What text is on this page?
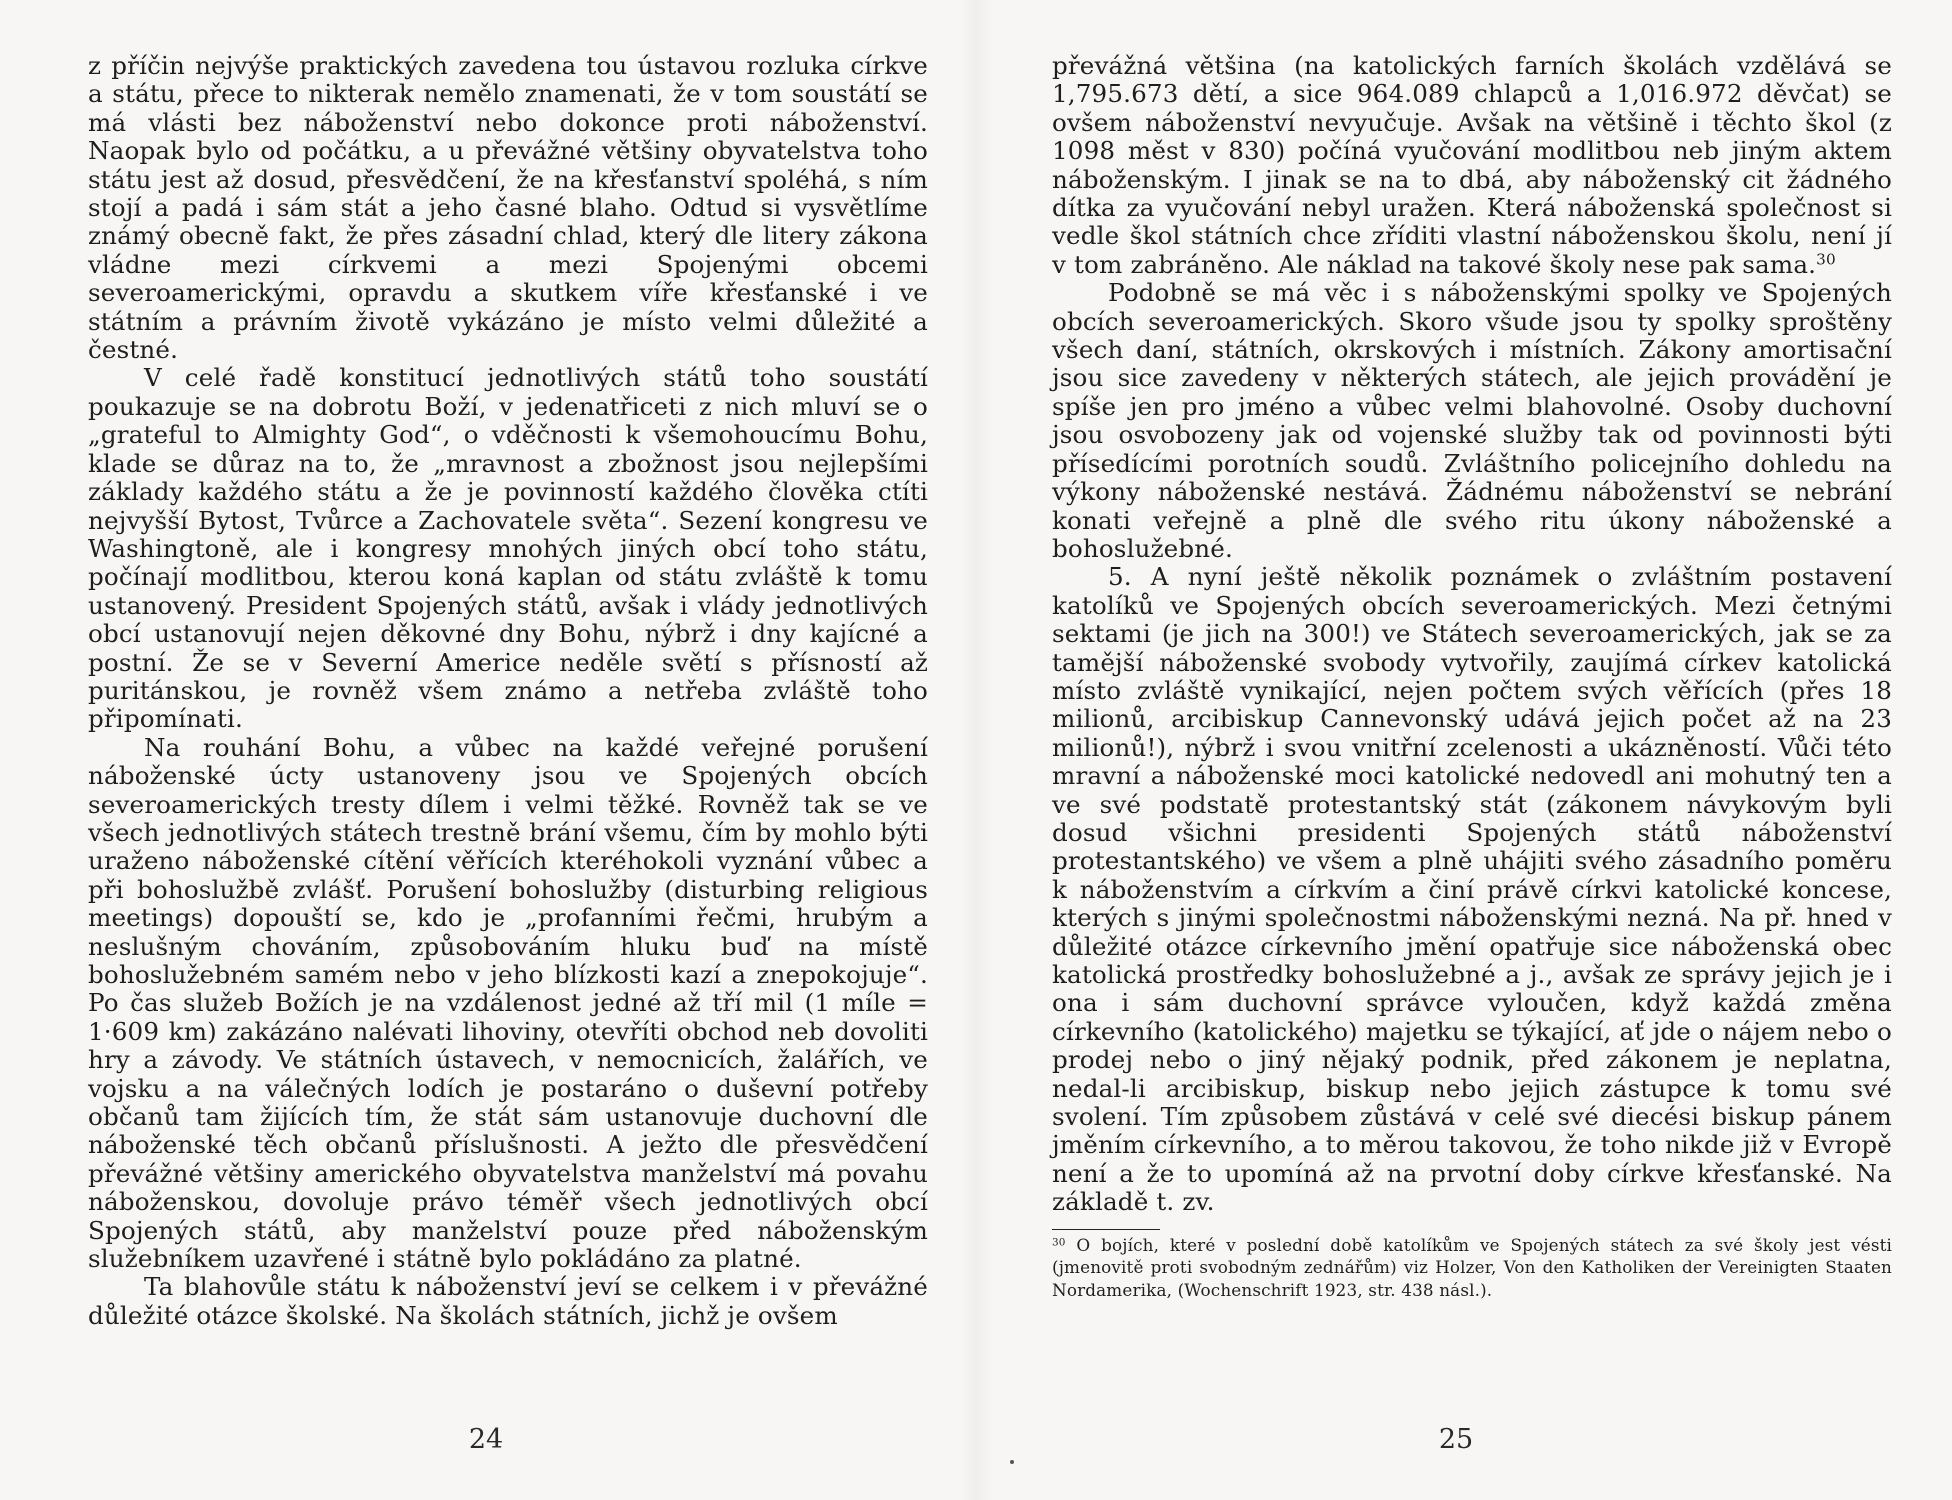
z příčin nejvýše praktických zavedena tou ústavou rozluka církve a státu, přece to nikterak nemělo znamenati, že v tom soustátí se má vlásti bez náboženství nebo dokonce proti náboženství. Naopak bylo od počátku, a u převážné většiny obyvatelstva toho státu jest až dosud, přesvědčení, že na křesťanství spoléhá, s ním stojí a padá i sám stát a jeho časné blaho. Odtud si vysvětlíme známý obecně fakt, že přes zásadní chlad, který dle litery zákona vládne mezi církvemi a mezi Spojenými obcemi severoamerickými, opravdu a skutkem víře křesťanské i ve státním a právním životě vykázáno je místo velmi důležité a čestné.

V celé řadě konstitucí jednotlivých států toho soustátí poukazuje se na dobrotu Boží, v jedenatřiceti z nich mluví se o „grateful to Almighty God“, o vděčnosti k všemohoucímu Bohu, klade se důraz na to, že „mravnost a zbožnost jsou nejlepšími základy každého státu a že je povinností každého člověka ctíti nejvyšší Bytost, Tvůrce a Zachovatele světa“. Sezení kongresu ve Washingtoně, ale i kongresy mnohých jiných obcí toho státu, počínají modlitbou, kterou koná kaplan od státu zvláště k tomu ustanovený. President Spojených států, avšak i vlády jednotlivých obcí ustanovují nejen děkovné dny Bohu, nýbrž i dny kajícné a postní. Že se v Severní Americe neděle světí s přísností až puritánskou, je rovněž všem známo a netřeba zvláště toho připomínati.

Na rouhání Bohu, a vůbec na každé veřejné porušení náboženské úcty ustanoveny jsou ve Spojených obcích severoamerických tresty dílem i velmi těžké. Rovněž tak se ve všech jednotlivých státech trestně brání všemu, čím by mohlo býti uraženo náboženské cítění věřících kteréhokoli vyznání vůbec a při bohoslužbě zvlášť. Porušení bohoslužby (disturbing religious meetings) dopouští se, kdo je „profanními řečmi, hrubým a neslušným chováním, způsobováním hluku buď na místě bohoslužebném samém nebo v jeho blízkosti kazí a znepokojuje“. Po čas služeb Božích je na vzdálenost jedné až tří mil (1 míle = 1·609 km) zakázáno nalévati lihoviny, otevříti obchod neb dovoliti hry a závody. Ve státních ústavech, v nemocnicích, žalářích, ve vojsku a na válečných lodích je postaráno o duševní potřeby občanů tam žijících tím, že stát sám ustanovuje duchovní dle náboženské těch občanů příslušnosti. A ježto dle přesvědčení převážné většiny amerického obyvatelstva manželství má povahu náboženskou, dovoluje právo téměř všech jednotlivých obcí Spojených států, aby manželství pouze před náboženským služebníkem uzavřené i státně bylo pokládáno za platné.

Ta blahovůle státu k náboženství jeví se celkem i v převážné důležité otázce školské. Na školách státních, jichž je ovšem

24

převážná většina (na katolických farních školách vzdělává se 1,795.673 dětí, a sice 964.089 chlapců a 1,016.972 děvčat) se ovšem náboženství nevyučuje. Avšak na většině i těchto škol (z 1098 měst v 830) počíná vyučování modlitbou neb jiným aktem náboženským. I jinak se na to dbá, aby náboženský cit žádného dítka za vyučování nebyl uražen. Která náboženská společnost si vedle škol státních chce zříditi vlastní náboženskou školu, není jí v tom zabráněno. Ale náklad na takové školy nese pak sama.$^{30}$

Podobně se má věc i s náboženskými spolky ve Spojených obcích severoamerických. Skoro všude jsou ty spolky sproštěny všech daní, státních, okrskových i místních. Zákony amortisační jsou sice zavedeny v některých státech, ale jejich provádění je spíše jen pro jméno a vůbec velmi blahovolné. Osoby duchovní jsou osvobozeny jak od vojenské služby tak od povinnosti býti přísedícími porotních soudů. Zvláštního policejního dohledu na výkony náboženské nestává. Žádnému náboženství se nebrání konati veřejně a plně dle svého ritu úkony náboženské a bohoslužebné.

5. A nyní ještě několik poznámek o zvláštním postavení katolíků ve Spojených obcích severoamerických. Mezi četnými sektami (je jich na 300!) ve Státech severoamerických, jak se za tamější náboženské svobody vytvořily, zaujímá církev katolická místo zvláště vynikající, nejen počtem svých věřících (přes 18 milionů, arcibiskup Cannevonský udává jejich počet až na 23 milionů!), nýbrž i svou vnitřní zcelenosti a ukázněností. Vůči této mravní a náboženské moci katolické nedovedl ani mohutný ten a ve své podstatě protestantský stát (zákonem návykovým byli dosud všichni presidenti Spojených států náboženství protestantského) ve všem a plně uhájiti svého zásadního poměru k náboženstvím a církvím a činí právě církvi katolické koncese, kterých s jinými společnostmi náboženskými nezná. Na př. hned v důležité otázce církevního jmění opatřuje sice náboženská obec katolická prostředky bohoslužebné a j., avšak ze správy jejich je i ona i sám duchovní správce vyloučen, když každá změna církevního (katolického) majetku se týkající, ať jde o nájem nebo o prodej nebo o jiný nějaký podnik, před zákonem je neplatna, nedal-li arcibiskup, biskup nebo jejich zástupce k tomu své svolení. Tím způsobem zůstává v celé své diecési biskup pánem jměním církevního, a to měrou takovou, že toho nikde již v Evropě není a že to upomíná až na prvotní doby církve křesťanské. Na základě t. zv.

$^{30}$ O bojích, které v poslední době katolíkům ve Spojených státech za své školy jest vésti (jmenovitě proti svobodným zednářům) viz Holzer, Von den Katholiken der Vereinigten Staaten Nordamerika, (Wochenschrift 1923, str. 438 násl.).

25
